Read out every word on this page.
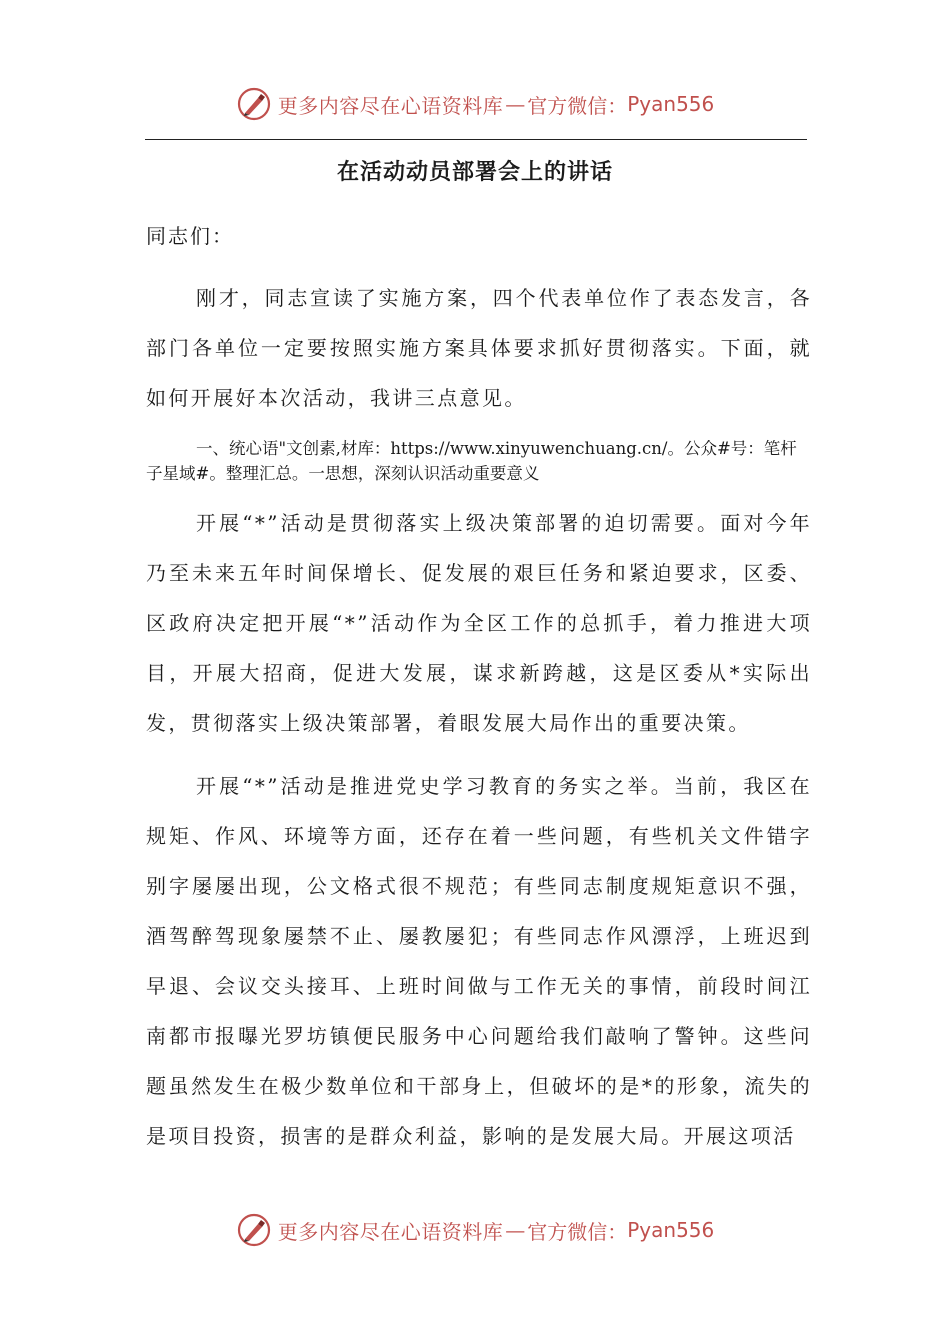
更多内容尽在心语资料库 — 官方微信： Pyan556
在活动动员部署会上的讲话
同志们：

刚才，同志宣读了实施方案，四个代表单位作了表态发言，各部门各单位一定要按照实施方案具体要求抓好贯彻落实。下面，就如何开展好本次活动，我讲三点意见。

一、统心语"文创素,材库：https://www.xinyuwenchuang.cn/。公众#号：笔杆子星域#。整理汇总。一思想，深刻认识活动重要意义

开展“*”活动是贯彻落实上级决策部署的迫切需要。面对今年乃至未来五年时间保增长、促发展的艰巨任务和紧迫要求，区委、区政府决定把开展“*”活动作为全区工作的总抓手，着力推进大项目，开展大招商，促进大发展，谋求新跨越，这是区委从*实际出发，贯彻落实上级决策部署，着眼发展大局作出的重要决策。

开展“*”活动是推进党史学习教育的务实之举。当前，我区在规矩、作风、环境等方面，还存在着一些问题，有些机关文件错字别字屡屡出现，公文格式很不规范；有些同志制度规矩意识不强，酒驾醉驾现象屡禁不止、屡教屡犯；有些同志作风漂浮，上班迟到早退、会议交头接耳、上班时间做与工作无关的事情，前段时间江南都市报曝光罗坊镇便民服务中心问题给我们敲响了警钟。这些问题虽然发生在极少数单位和干部身上，但破坏的是*的形象，流失的是项目投资，损害的是群众利益，影响的是发展大局。开展这项活

更多内容尽在心语资料库 — 官方微信： Pyan556
